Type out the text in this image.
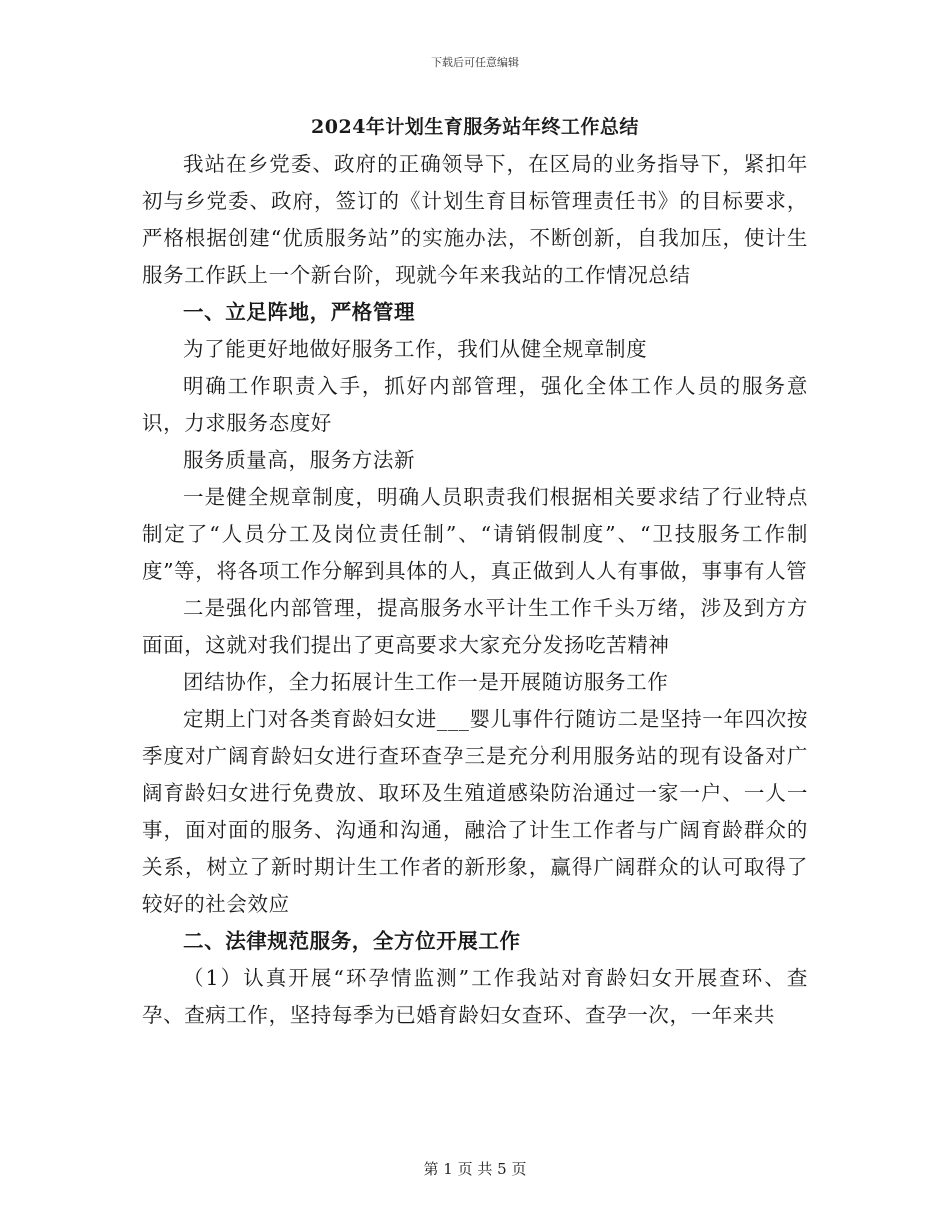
下载后可任意编辑
2024年计划生育服务站年终工作总结

我站在乡党委、政府的正确领导下，在区局的业务指导下，紧扣年初与乡党委、政府，签订的《计划生育目标管理责任书》的目标要求，严格根据创建“优质服务站”的实施办法，不断创新，自我加压，使计生服务工作跃上一个新台阶，现就今年来我站的工作情况总结

一、立足阵地，严格管理

为了能更好地做好服务工作，我们从健全规章制度

明确工作职责入手，抓好内部管理，强化全体工作人员的服务意识，力求服务态度好

服务质量高，服务方法新

一是健全规章制度，明确人员职责我们根据相关要求结了行业特点制定了“人员分工及岗位责任制”、“请销假制度”、“卫技服务工作制度”等，将各项工作分解到具体的人，真正做到人人有事做，事事有人管

二是强化内部管理，提高服务水平计生工作千头万绪，涉及到方方面面，这就对我们提出了更高要求大家充分发扬吃苦精神

团结协作，全力拓展计生工作一是开展随访服务工作

定期上门对各类育龄妇女进___婴儿事件行随访二是坚持一年四次按季度对广阔育龄妇女进行查环查孕三是充分利用服务站的现有设备对广阔育龄妇女进行免费放、取环及生殖道感染防治通过一家一户、一人一事，面对面的服务、沟通和沟通，融洽了计生工作者与广阔育龄群众的关系，树立了新时期计生工作者的新形象，赢得广阔群众的认可取得了较好的社会效应

二、法律规范服务，全方位开展工作

（1）认真开展“环孕情监测”工作我站对育龄妇女开展查环、查孕、查病工作，坚持每季为已婚育龄妇女查环、查孕一次，一年来共

第 1 页 共 5 页
